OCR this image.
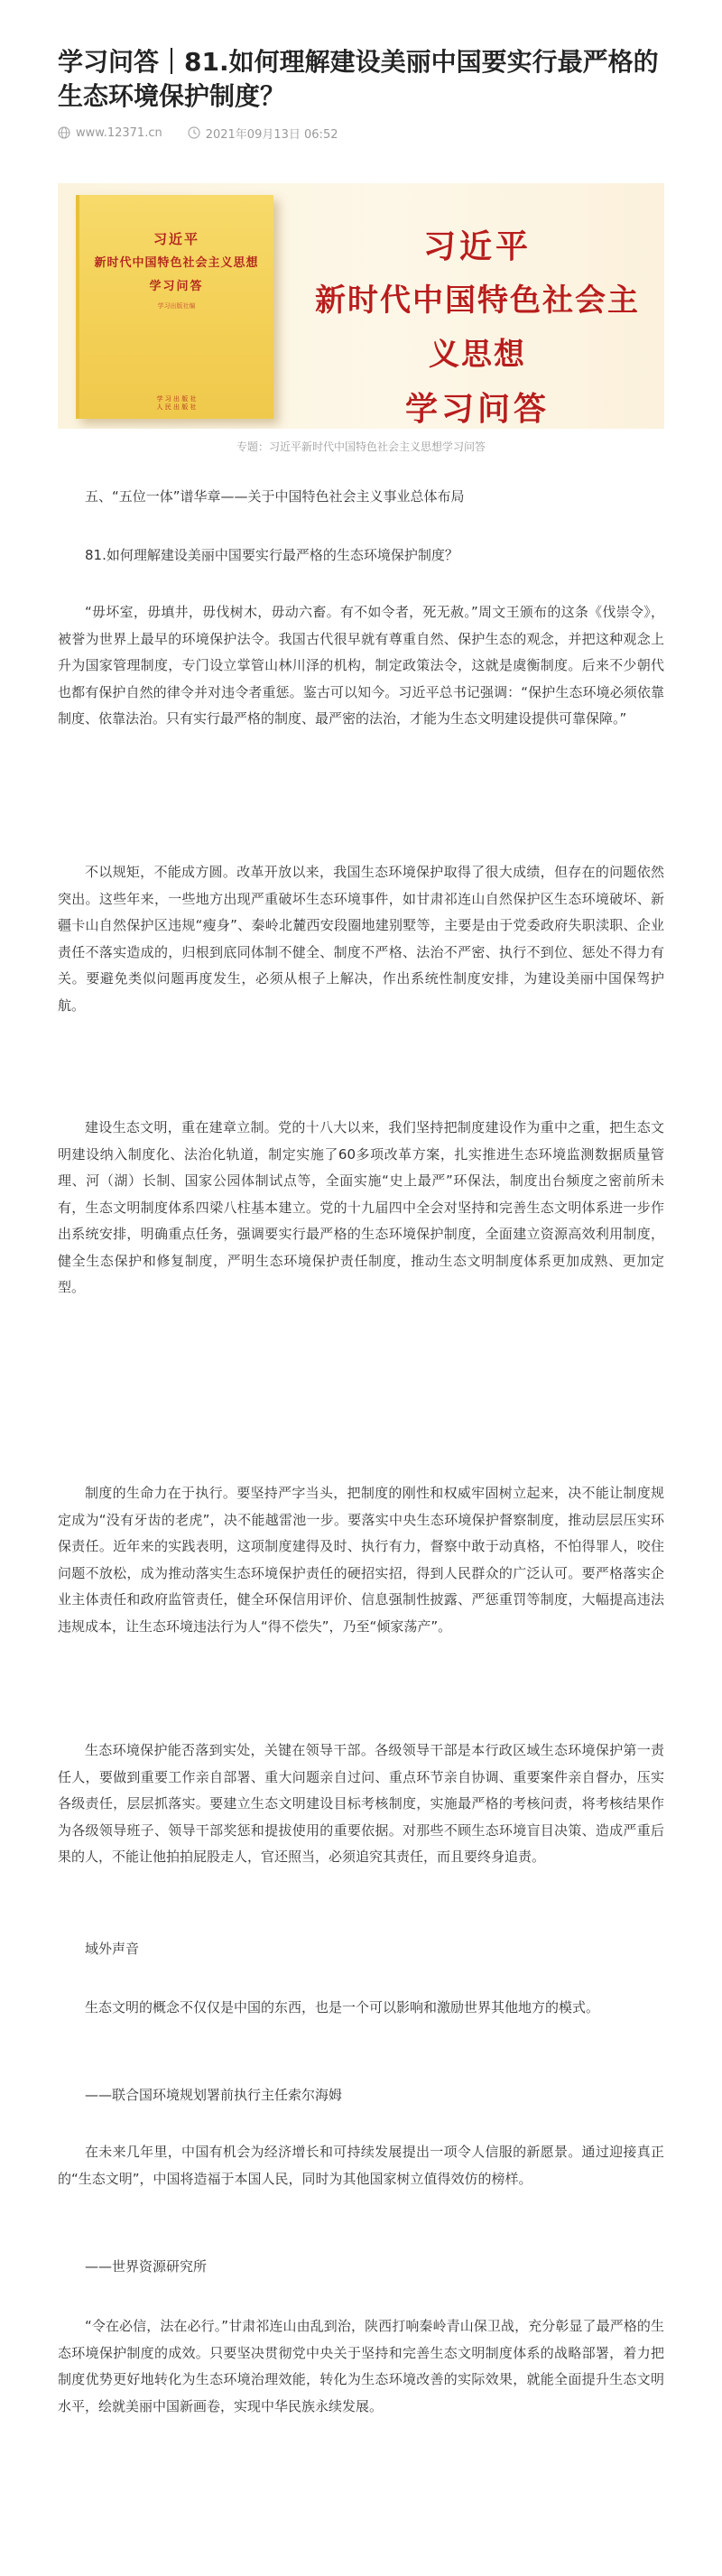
学习问答｜81.如何理解建设美丽中国要实行最严格的生态环境保护制度？
www.12371.cn	2021年09月13日 06:52
习近平
新时代中国特色社会主义思想
学习问答
学习出版社编
学 习 出 版 社
人 民 出 版 社
习近平
新时代中国特色社会主义思想
学习问答
专题：习近平新时代中国特色社会主义思想学习问答

五、“五位一体”谱华章——关于中国特色社会主义事业总体布局

81.如何理解建设美丽中国要实行最严格的生态环境保护制度？

“毋坏室，毋填井，毋伐树木，毋动六畜。有不如令者，死无赦。”周文王颁布的这条《伐崇令》，被誉为世界上最早的环境保护法令。我国古代很早就有尊重自然、保护生态的观念，并把这种观念上升为国家管理制度，专门设立掌管山林川泽的机构，制定政策法令，这就是虞衡制度。后来不少朝代也都有保护自然的律令并对违令者重惩。鉴古可以知今。习近平总书记强调：“保护生态环境必须依靠制度、依靠法治。只有实行最严格的制度、最严密的法治，才能为生态文明建设提供可靠保障。”

不以规矩，不能成方圆。改革开放以来，我国生态环境保护取得了很大成绩，但存在的问题依然突出。这些年来，一些地方出现严重破坏生态环境事件，如甘肃祁连山自然保护区生态环境破坏、新疆卡山自然保护区违规“瘦身”、秦岭北麓西安段圈地建别墅等，主要是由于党委政府失职渎职、企业责任不落实造成的，归根到底同体制不健全、制度不严格、法治不严密、执行不到位、惩处不得力有关。要避免类似问题再度发生，必须从根子上解决，作出系统性制度安排，为建设美丽中国保驾护航。

建设生态文明，重在建章立制。党的十八大以来，我们坚持把制度建设作为重中之重，把生态文明建设纳入制度化、法治化轨道，制定实施了60多项改革方案，扎实推进生态环境监测数据质量管理、河（湖）长制、国家公园体制试点等，全面实施“史上最严”环保法，制度出台频度之密前所未有，生态文明制度体系四梁八柱基本建立。党的十九届四中全会对坚持和完善生态文明体系进一步作出系统安排，明确重点任务，强调要实行最严格的生态环境保护制度，全面建立资源高效利用制度，健全生态保护和修复制度，严明生态环境保护责任制度，推动生态文明制度体系更加成熟、更加定型。

制度的生命力在于执行。要坚持严字当头，把制度的刚性和权威牢固树立起来，决不能让制度规定成为“没有牙齿的老虎”，决不能越雷池一步。要落实中央生态环境保护督察制度，推动层层压实环保责任。近年来的实践表明，这项制度建得及时、执行有力，督察中敢于动真格，不怕得罪人，咬住问题不放松，成为推动落实生态环境保护责任的硬招实招，得到人民群众的广泛认可。要严格落实企业主体责任和政府监管责任，健全环保信用评价、信息强制性披露、严惩重罚等制度，大幅提高违法违规成本，让生态环境违法行为人“得不偿失”，乃至“倾家荡产”。

生态环境保护能否落到实处，关键在领导干部。各级领导干部是本行政区域生态环境保护第一责任人，要做到重要工作亲自部署、重大问题亲自过问、重点环节亲自协调、重要案件亲自督办，压实各级责任，层层抓落实。要建立生态文明建设目标考核制度，实施最严格的考核问责，将考核结果作为各级领导班子、领导干部奖惩和提拔使用的重要依据。对那些不顾生态环境盲目决策、造成严重后果的人，不能让他拍拍屁股走人，官还照当，必须追究其责任，而且要终身追责。

域外声音

生态文明的概念不仅仅是中国的东西，也是一个可以影响和激励世界其他地方的模式。

——联合国环境规划署前执行主任索尔海姆

在未来几年里，中国有机会为经济增长和可持续发展提出一项令人信服的新愿景。通过迎接真正的“生态文明”，中国将造福于本国人民，同时为其他国家树立值得效仿的榜样。

——世界资源研究所

“令在必信，法在必行。”甘肃祁连山由乱到治，陕西打响秦岭青山保卫战，充分彰显了最严格的生态环境保护制度的成效。只要坚决贯彻党中央关于坚持和完善生态文明制度体系的战略部署，着力把制度优势更好地转化为生态环境治理效能，转化为生态环境改善的实际效果，就能全面提升生态文明水平，绘就美丽中国新画卷，实现中华民族永续发展。
